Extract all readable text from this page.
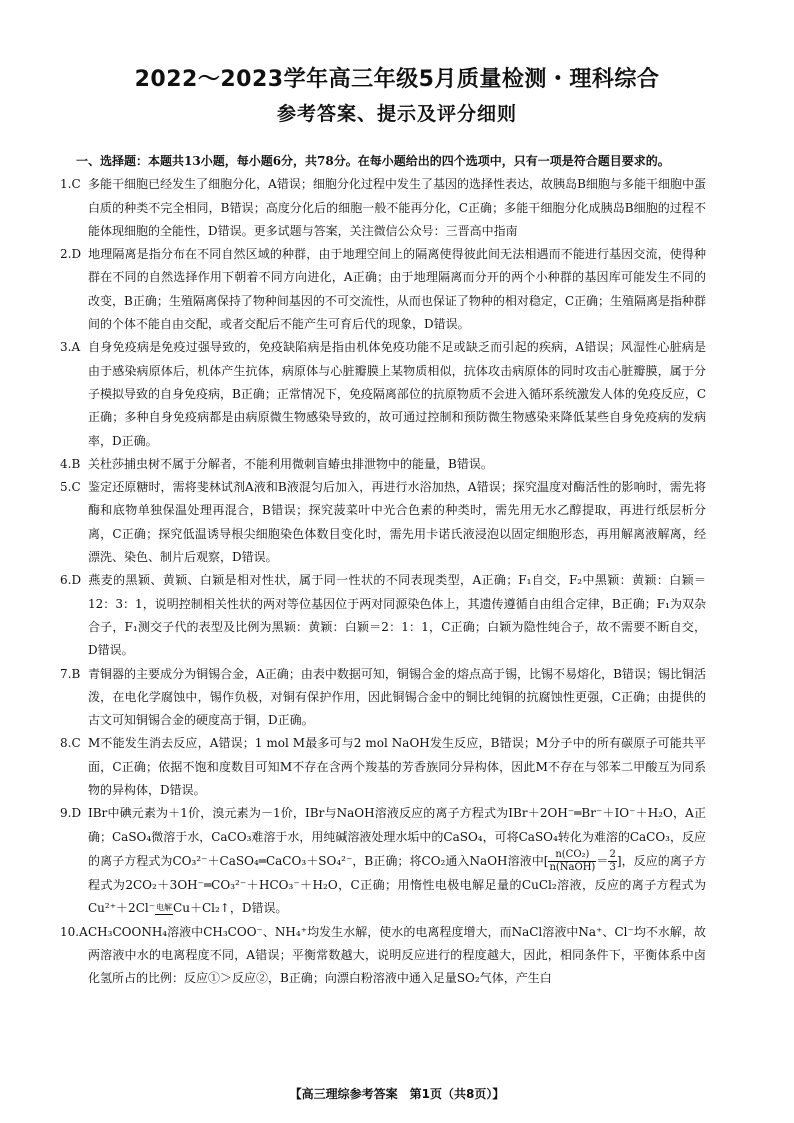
2022～2023学年高三年级5月质量检测・理科综合
参考答案、提示及评分细则

一、选择题：本题共13小题，每小题6分，共78分。在每小题给出的四个选项中，只有一项是符合题目要求的。

1.C 多能干细胞已经发生了细胞分化，A错误；细胞分化过程中发生了基因的选择性表达，故胰岛B细胞与多能干细胞中蛋白质的种类不完全相同，B错误；高度分化后的细胞一般不能再分化，C正确；多能干细胞分化成胰岛B细胞的过程不能体现细胞的全能性，D错误。更多试题与答案，关注微信公众号：三晋高中指南

2.D 地理隔离是指分布在不同自然区域的种群，由于地理空间上的隔离使得彼此间无法相遇而不能进行基因交流，使得种群在不同的自然选择作用下朝着不同方向进化，A正确；由于地理隔离而分开的两个小种群的基因库可能发生不同的改变，B正确；生殖隔离保持了物种间基因的不可交流性，从而也保证了物种的相对稳定，C正确；生殖隔离是指种群间的个体不能自由交配，或者交配后不能产生可育后代的现象，D错误。

3.A 自身免疫病是免疫过强导致的，免疫缺陷病是指由机体免疫功能不足或缺乏而引起的疾病，A错误；风湿性心脏病是由于感染病原体后，机体产生抗体，病原体与心脏瓣膜上某物质相似，抗体攻击病原体的同时攻击心脏瓣膜，属于分子模拟导致的自身免疫病，B正确；正常情况下，免疫隔离部位的抗原物质不会进入循环系统激发人体的免疫反应，C正确；多种自身免疫病都是由病原微生物感染导致的，故可通过控制和预防微生物感染来降低某些自身免疫病的发病率，D正确。

4.B 关杜莎捕虫树不属于分解者，不能利用微刺盲蝽虫排泄物中的能量，B错误。

5.C 鉴定还原糖时，需将斐林试剂A液和B液混匀后加入，再进行水浴加热，A错误；探究温度对酶活性的影响时，需先将酶和底物单独保温处理再混合，B错误；探究菠菜叶中光合色素的种类时，需先用无水乙醇提取，再进行纸层析分离，C正确；探究低温诱导根尖细胞染色体数目变化时，需先用卡诺氏液浸泡以固定细胞形态，再用解离液解离，经漂洗、染色、制片后观察，D错误。

6.D 燕麦的黑颖、黄颖、白颖是相对性状，属于同一性状的不同表现类型，A正确；F₁自交，F₂中黑颖：黄颖：白颖＝12：3：1，说明控制相关性状的两对等位基因位于两对同源染色体上，其遗传遵循自由组合定律，B正确；F₁为双杂合子，F₁测交子代的表型及比例为黑颖：黄颖：白颖＝2：1：1，C正确；白颖为隐性纯合子，故不需要不断自交，D错误。

7.B 青铜器的主要成分为铜锡合金，A正确；由表中数据可知，铜锡合金的熔点高于锡，比锡不易熔化，B错误；锡比铜活泼，在电化学腐蚀中，锡作负极，对铜有保护作用，因此铜锡合金中的铜比纯铜的抗腐蚀性更强，C正确；由提供的古文可知铜锡合金的硬度高于铜，D正确。

8.C M不能发生消去反应，A错误；1 mol M最多可与2 mol NaOH发生反应，B错误；M分子中的所有碳原子可能共平面，C正确；依据不饱和度数目可知M不存在含两个羧基的芳香族同分异构体，因此M不存在与邻苯二甲酸互为同系物的异构体，D错误。

9.D IBr中碘元素为＋1价，溴元素为－1价，IBr与NaOH溶液反应的离子方程式为IBr＋2OH⁻═Br⁻＋IO⁻＋H₂O，A正确；CaSO₄微溶于水，CaCO₃难溶于水，用纯碱溶液处理水垢中的CaSO₄，可将CaSO₄转化为难溶的CaCO₃，反应的离子方程式为CO₃²⁻＋CaSO₄═CaCO₃＋SO₄²⁻，B正确；将CO₂通入NaOH溶液中[ $\frac{\text{n(CO₂)}}{\text{n(NaOH)}} = \frac{2}{3}$ ]，反应的离子方程式为2CO₂＋3OH⁻═CO₃²⁻＋HCO₃⁻＋H₂O，C正确；用惰性电极电解足量的CuCl₂溶液，反应的离子方程式为Cu²⁺＋2Cl⁻ 电解 Cu＋Cl₂↑，D错误。

10.ACH₃COONH₄溶液中CH₃COO⁻、NH₄⁺均发生水解，使水的电离程度增大，而NaCl溶液中Na⁺、Cl⁻均不水解，故两溶液中水的电离程度不同，A错误；平衡常数越大，说明反应进行的程度越大，因此，相同条件下，平衡体系中卤化氢所占的比例：反应①＞反应②，B正确；向漂白粉溶液中通入足量SO₂气体，产生白

【高三理综参考答案　第1页（共8页）】
